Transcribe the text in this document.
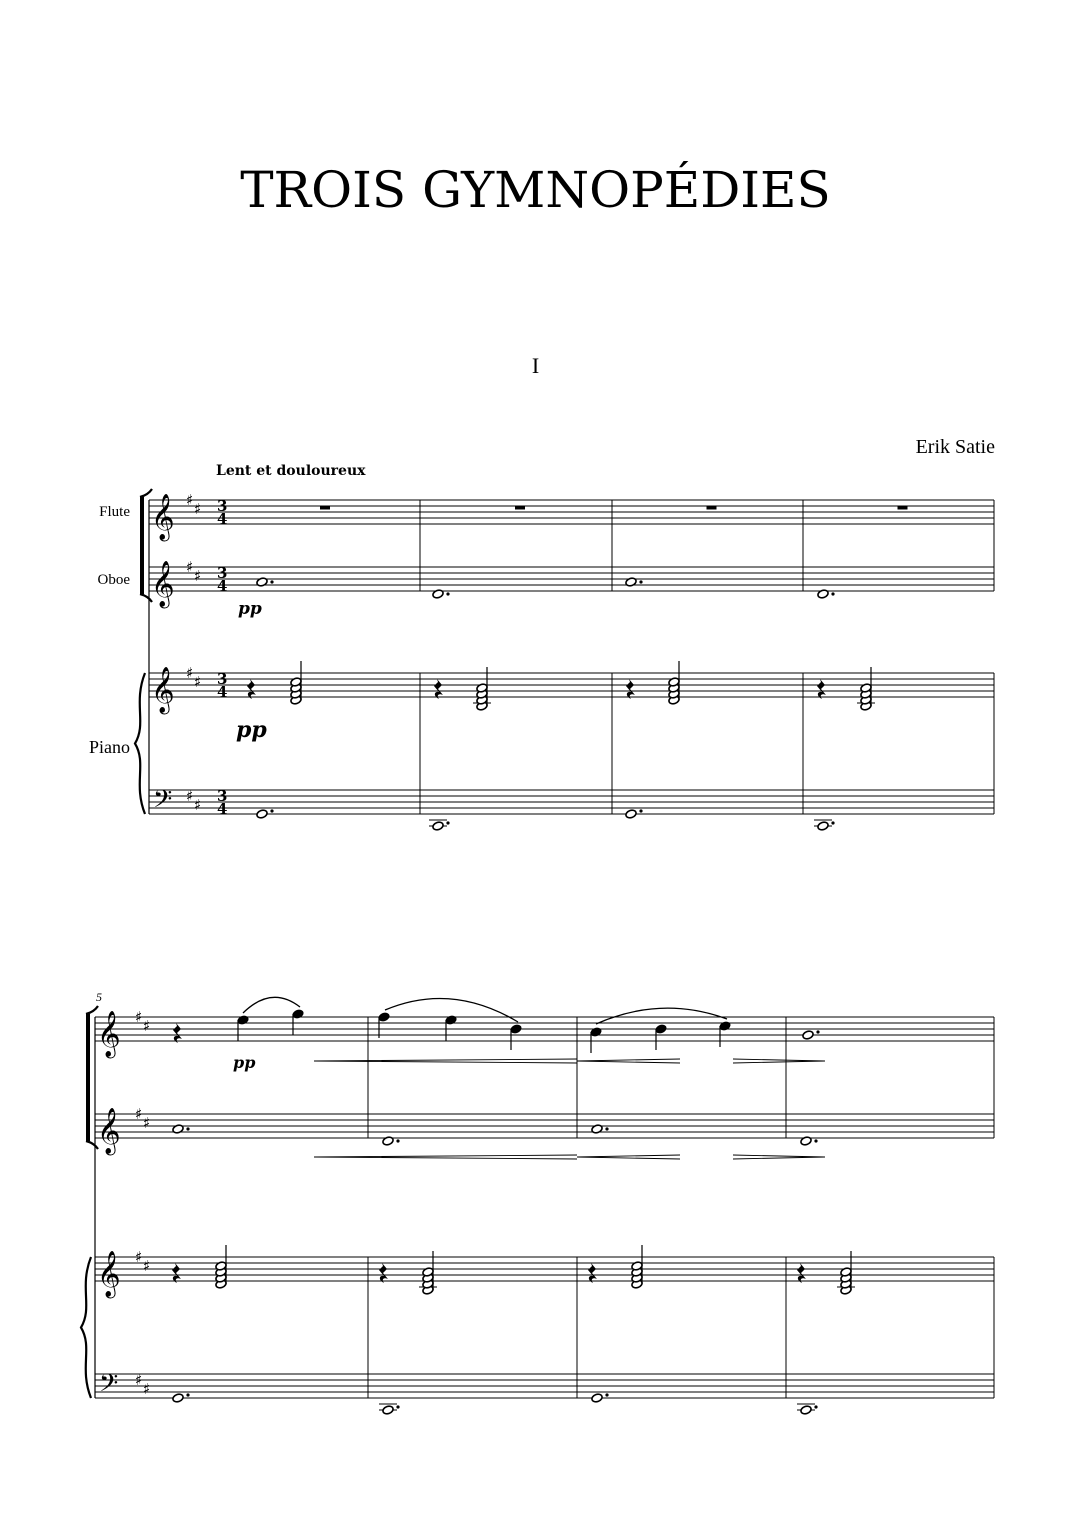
TROIS GYMNOPÉDIES
I
Erik Satie
Lent et douloureux
Flute
Oboe
Piano
5
𝄞 ♯ ♯ 3
4
𝄞 ♯ ♯ 3
4
𝄞 ♯ ♯ 3
4
𝄢 ♯ ♯ 3
4
pp
pp
𝄞 ♯ ♯
𝄞 ♯ ♯
𝄞 ♯ ♯
𝄢 ♯ ♯
pp
